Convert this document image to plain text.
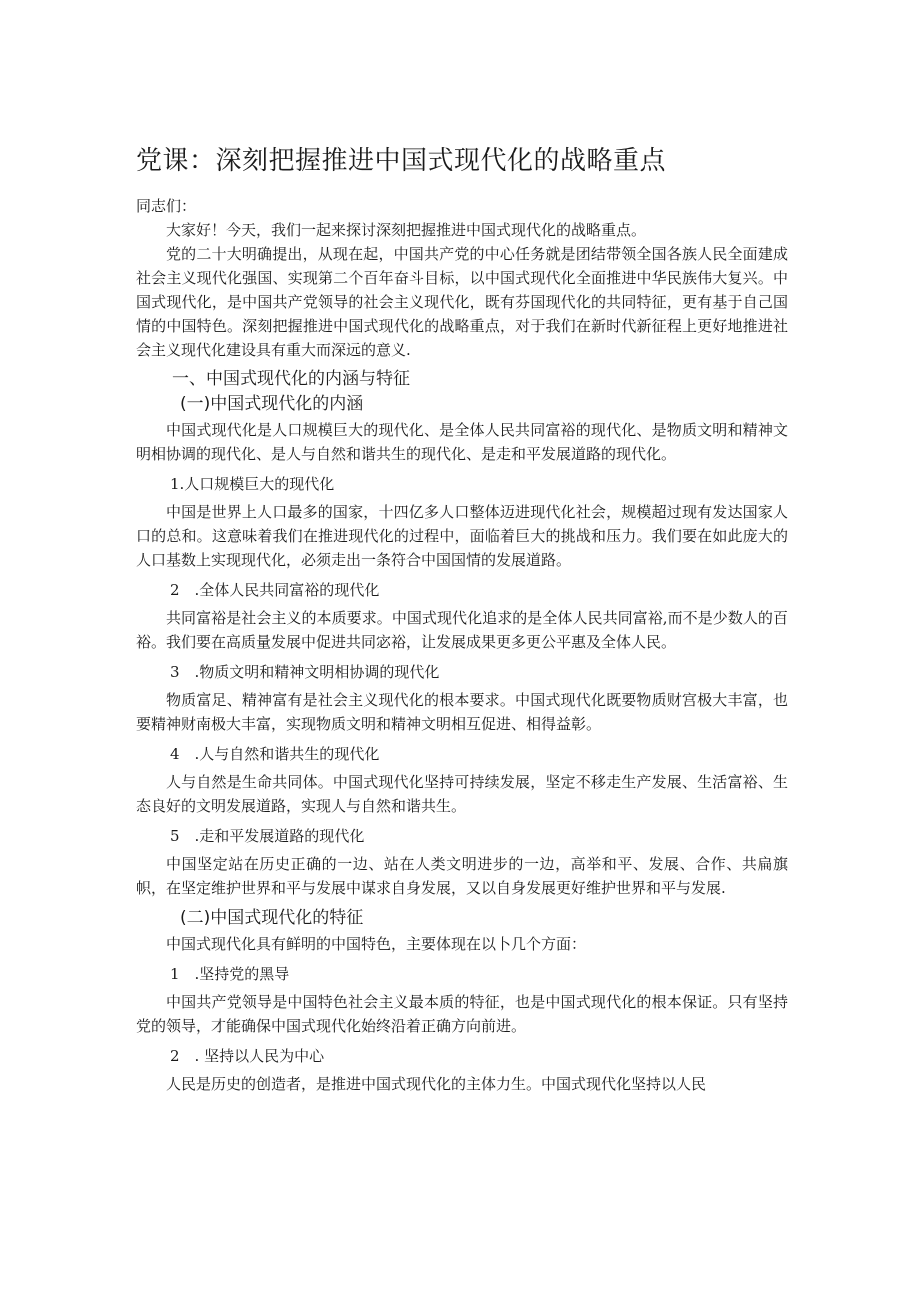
党课：深刻把握推进中国式现代化的战略重点

同志们：

大家好！今天，我们一起来探讨深刻把握推进中国式现代化的战略重点。

党的二十大明确提出，从现在起，中国共产党的中心任务就是团结带领全国各族人民全面建成社会主义现代化强国、实现第二个百年奋斗目标，以中国式现代化全面推进中华民族伟大复兴。中国式现代化，是中国共产党领导的社会主义现代化，既有芬国现代化的共同特征，更有基于自己国情的中国特色。深刻把握推进中国式现代化的战略重点，对于我们在新时代新征程上更好地推进社会主义现代化建设具有重大而深远的意义.

一、中国式现代化的内涵与特征
(一)中国式现代化的内涵

中国式现代化是人口规模巨大的现代化、是全体人民共同富裕的现代化、是物质文明和精神文明相协调的现代化、是人与自然和谐共生的现代化、是走和平发展道路的现代化。

1.人口规模巨大的现代化

中国是世界上人口最多的国家，十四亿多人口整体迈进现代化社会，规模超过现有发达国家人口的总和。这意味着我们在推进现代化的过程中，面临着巨大的挑战和压力。我们要在如此庞大的人口基数上实现现代化，必须走出一条符合中国国情的发展道路。

2　.全体人民共同富裕的现代化

共同富裕是社会主义的本质要求。中国式现代化追求的是全体人民共同富裕,而不是少数人的百裕。我们要在高质量发展中促进共同宓裕，让发展成果更多更公平惠及全体人民。

3　.物质文明和精神文明相协调的现代化

物质富足、精神富有是社会主义现代化的根本要求。中国式现代化既要物质财宫极大丰富，也要精神财南极大丰富，实现物质文明和精神文明相互促进、相得益彰。

4　.人与自然和谐共生的现代化

人与自然是生命共同体。中国式现代化坚持可持续发展，坚定不移走生产发展、生活富裕、生态良好的文明发展道路，实现人与自然和谐共生。

5　.走和平发展道路的现代化

中国坚定站在历史正确的一边、站在人类文明进步的一边，高举和平、发展、合作、共扁旗帜，在坚定维护世界和平与发展中谋求自身发展，又以自身发展更好维护世界和平与发展.

(二)中国式现代化的特征

中国式现代化具有鲜明的中国特色，主要体现在以卜几个方面：

1　.坚持党的黑导

中国共产党领导是中国特色社会主义最本质的特征，也是中国式现代化的根本保证。只有坚持党的领导，才能确保中国式现代化始终沿着正确方向前进。

2　. 坚持以人民为中心

人民是历史的创造者，是推进中国式现代化的主体力生。中国式现代化坚持以人民
